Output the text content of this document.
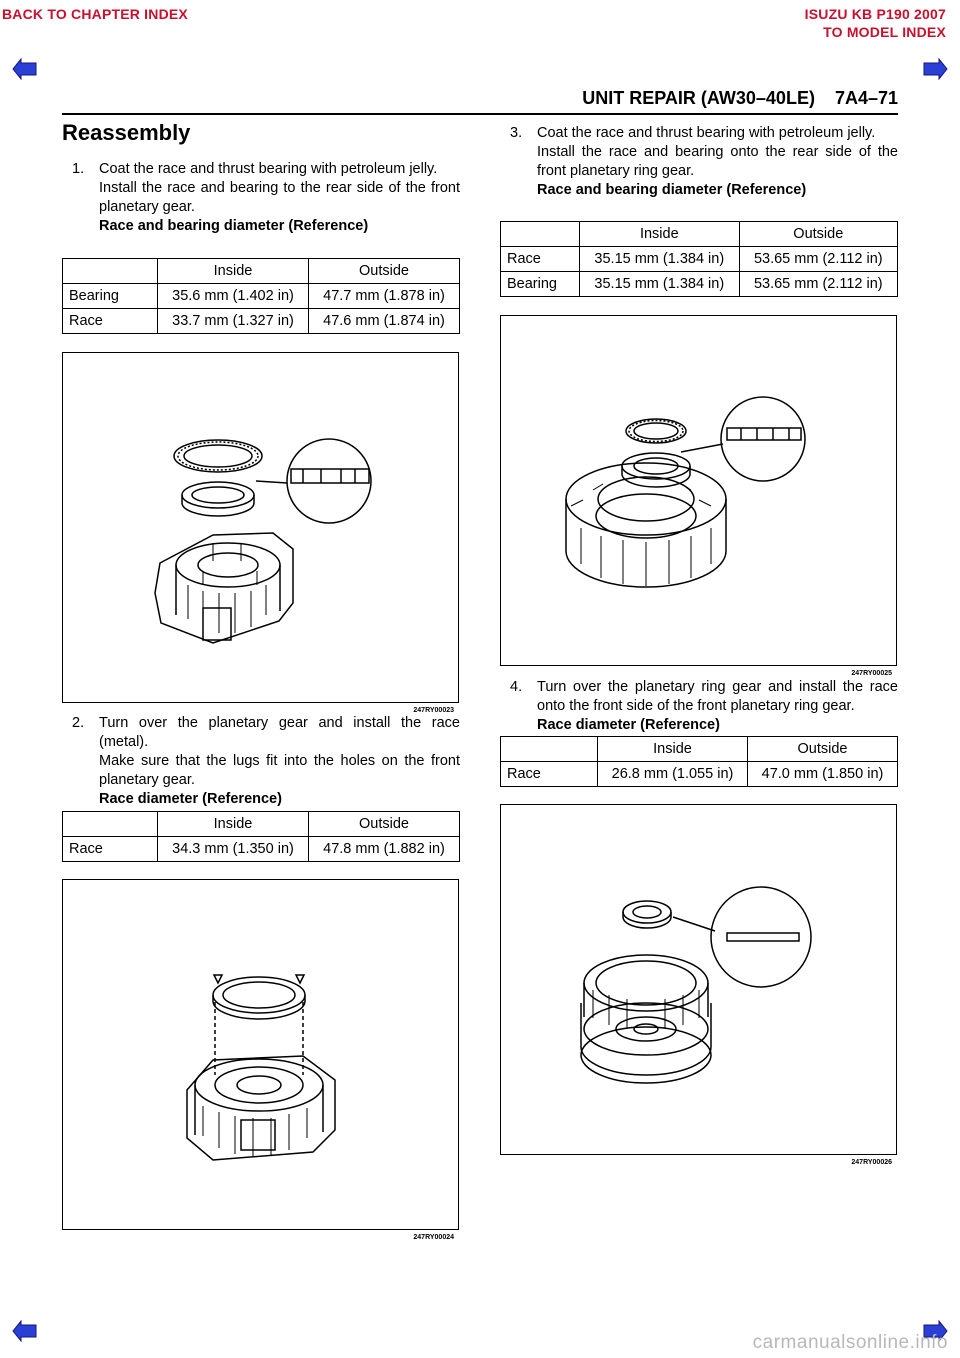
BACK TO CHAPTER INDEX	ISUZU KB P190 2007
TO MODEL INDEX
UNIT REPAIR (AW30–40LE)    7A4–71
Reassembly
1. Coat the race and thrust bearing with petroleum jelly.
Install the race and bearing to the rear side of the front planetary gear.
Race and bearing diameter (Reference)
	Inside	Outside
Bearing	35.6 mm (1.402 in)	47.7 mm (1.878 in)
Race	33.7 mm (1.327 in)	47.6 mm (1.874 in)
247RY00023
2. Turn over the planetary gear and install the race (metal).
Make sure that the lugs fit into the holes on the front planetary gear.
Race diameter (Reference)
	Inside	Outside
Race	34.3 mm (1.350 in)	47.8 mm (1.882 in)
247RY00024
3. Coat the race and thrust bearing with petroleum jelly.
Install the race and bearing onto the rear side of the front planetary ring gear.
Race and bearing diameter (Reference)
	Inside	Outside
Race	35.15 mm (1.384 in)	53.65 mm (2.112 in)
Bearing	35.15 mm (1.384 in)	53.65 mm (2.112 in)
247RY00025
4. Turn over the planetary ring gear and install the race onto the front side of the front planetary ring gear.
Race diameter (Reference)
	Inside	Outside
Race	26.8 mm (1.055 in)	47.0 mm (1.850 in)
247RY00026
carmanualsonline.info
